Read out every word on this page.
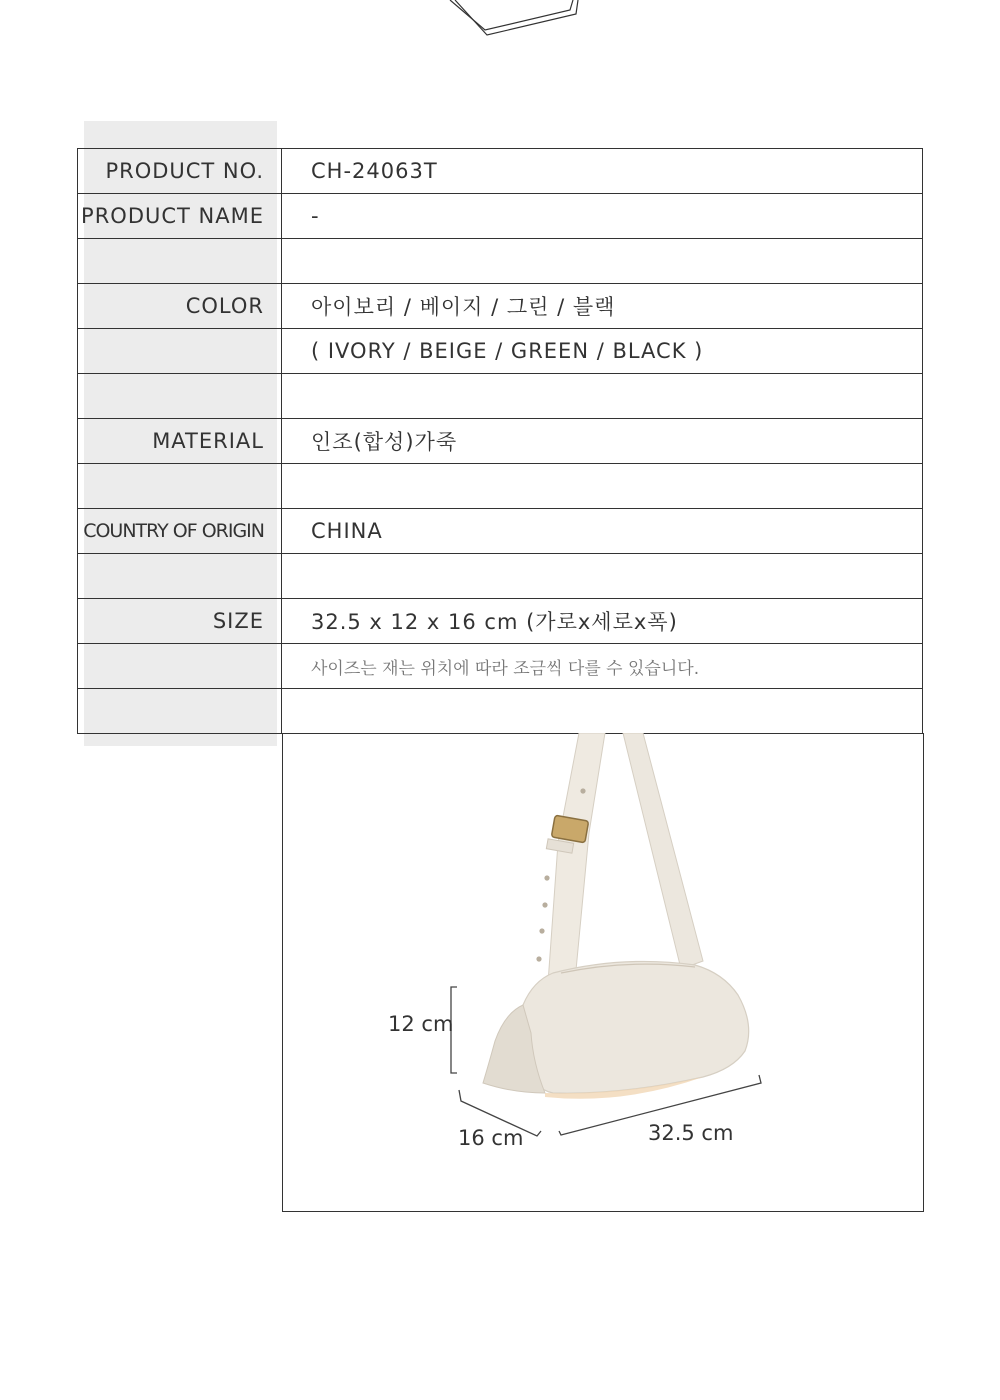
PRODUCT NO.	CH-24063T
PRODUCT NAME	-

COLOR	아이보리 / 베이지 / 그린 / 블랙
	( IVORY / BEIGE / GREEN / BLACK )

MATERIAL	인조(합성)가죽

COUNTRY OF ORIGIN	CHINA

SIZE	32.5 x 12 x 16 cm (가로x세로x폭)
	사이즈는 재는 위치에 따라 조금씩 다를 수 있습니다.

12 cm
16 cm	32.5 cm
